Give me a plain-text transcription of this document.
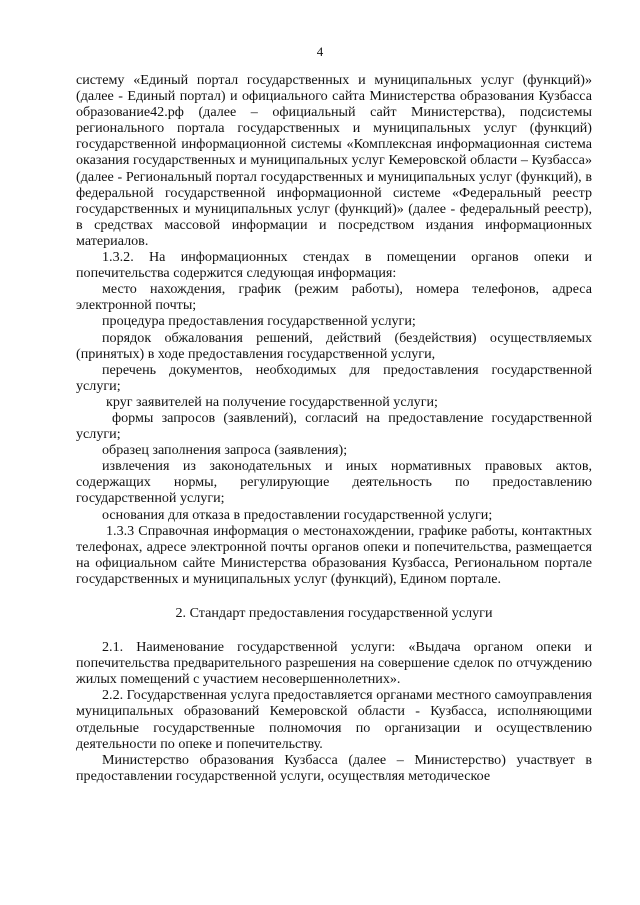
4

систему «Единый портал государственных и муниципальных услуг (функций)» (далее - Единый портал) и официального сайта Министерства образования Кузбасса образование42.рф (далее – официальный сайт Министерства), подсистемы регионального портала государственных и муниципальных услуг (функций) государственной информационной системы «Комплексная информационная система оказания государственных и муниципальных услуг Кемеровской области – Кузбасса» (далее - Региональный портал государственных и муниципальных услуг (функций), в федеральной государственной информационной системе «Федеральный реестр государственных и муниципальных услуг (функций)» (далее - федеральный реестр), в средствах массовой информации и посредством издания информационных материалов.

1.3.2. На информационных стендах в помещении органов опеки и попечительства содержится следующая информация:

место нахождения, график (режим работы), номера телефонов, адреса электронной почты;

процедура предоставления государственной услуги;

порядок обжалования решений, действий (бездействия) осуществляемых (принятых) в ходе предоставления государственной услуги,

перечень документов, необходимых для предоставления государственной услуги;

круг заявителей на получение государственной услуги;

формы запросов (заявлений), согласий на предоставление государственной услуги;

образец заполнения запроса (заявления);

извлечения из законодательных и иных нормативных правовых актов, содержащих нормы, регулирующие деятельность по предоставлению государственной услуги;

основания для отказа в предоставлении государственной услуги;

1.3.3 Справочная информация о местонахождении, графике работы, контактных телефонах, адресе электронной почты органов опеки и попечительства, размещается на официальном сайте Министерства образования Кузбасса, Региональном портале государственных и муниципальных услуг (функций), Едином портале.

2. Стандарт предоставления государственной услуги

2.1. Наименование государственной услуги: «Выдача органом опеки и попечительства предварительного разрешения на совершение сделок по отчуждению жилых помещений с участием несовершеннолетних».

2.2. Государственная услуга предоставляется органами местного самоуправления муниципальных образований Кемеровской области - Кузбасса, исполняющими отдельные государственные полномочия по организации и осуществлению деятельности по опеке и попечительству.

Министерство образования Кузбасса (далее – Министерство) участвует в предоставлении государственной услуги, осуществляя методическое
